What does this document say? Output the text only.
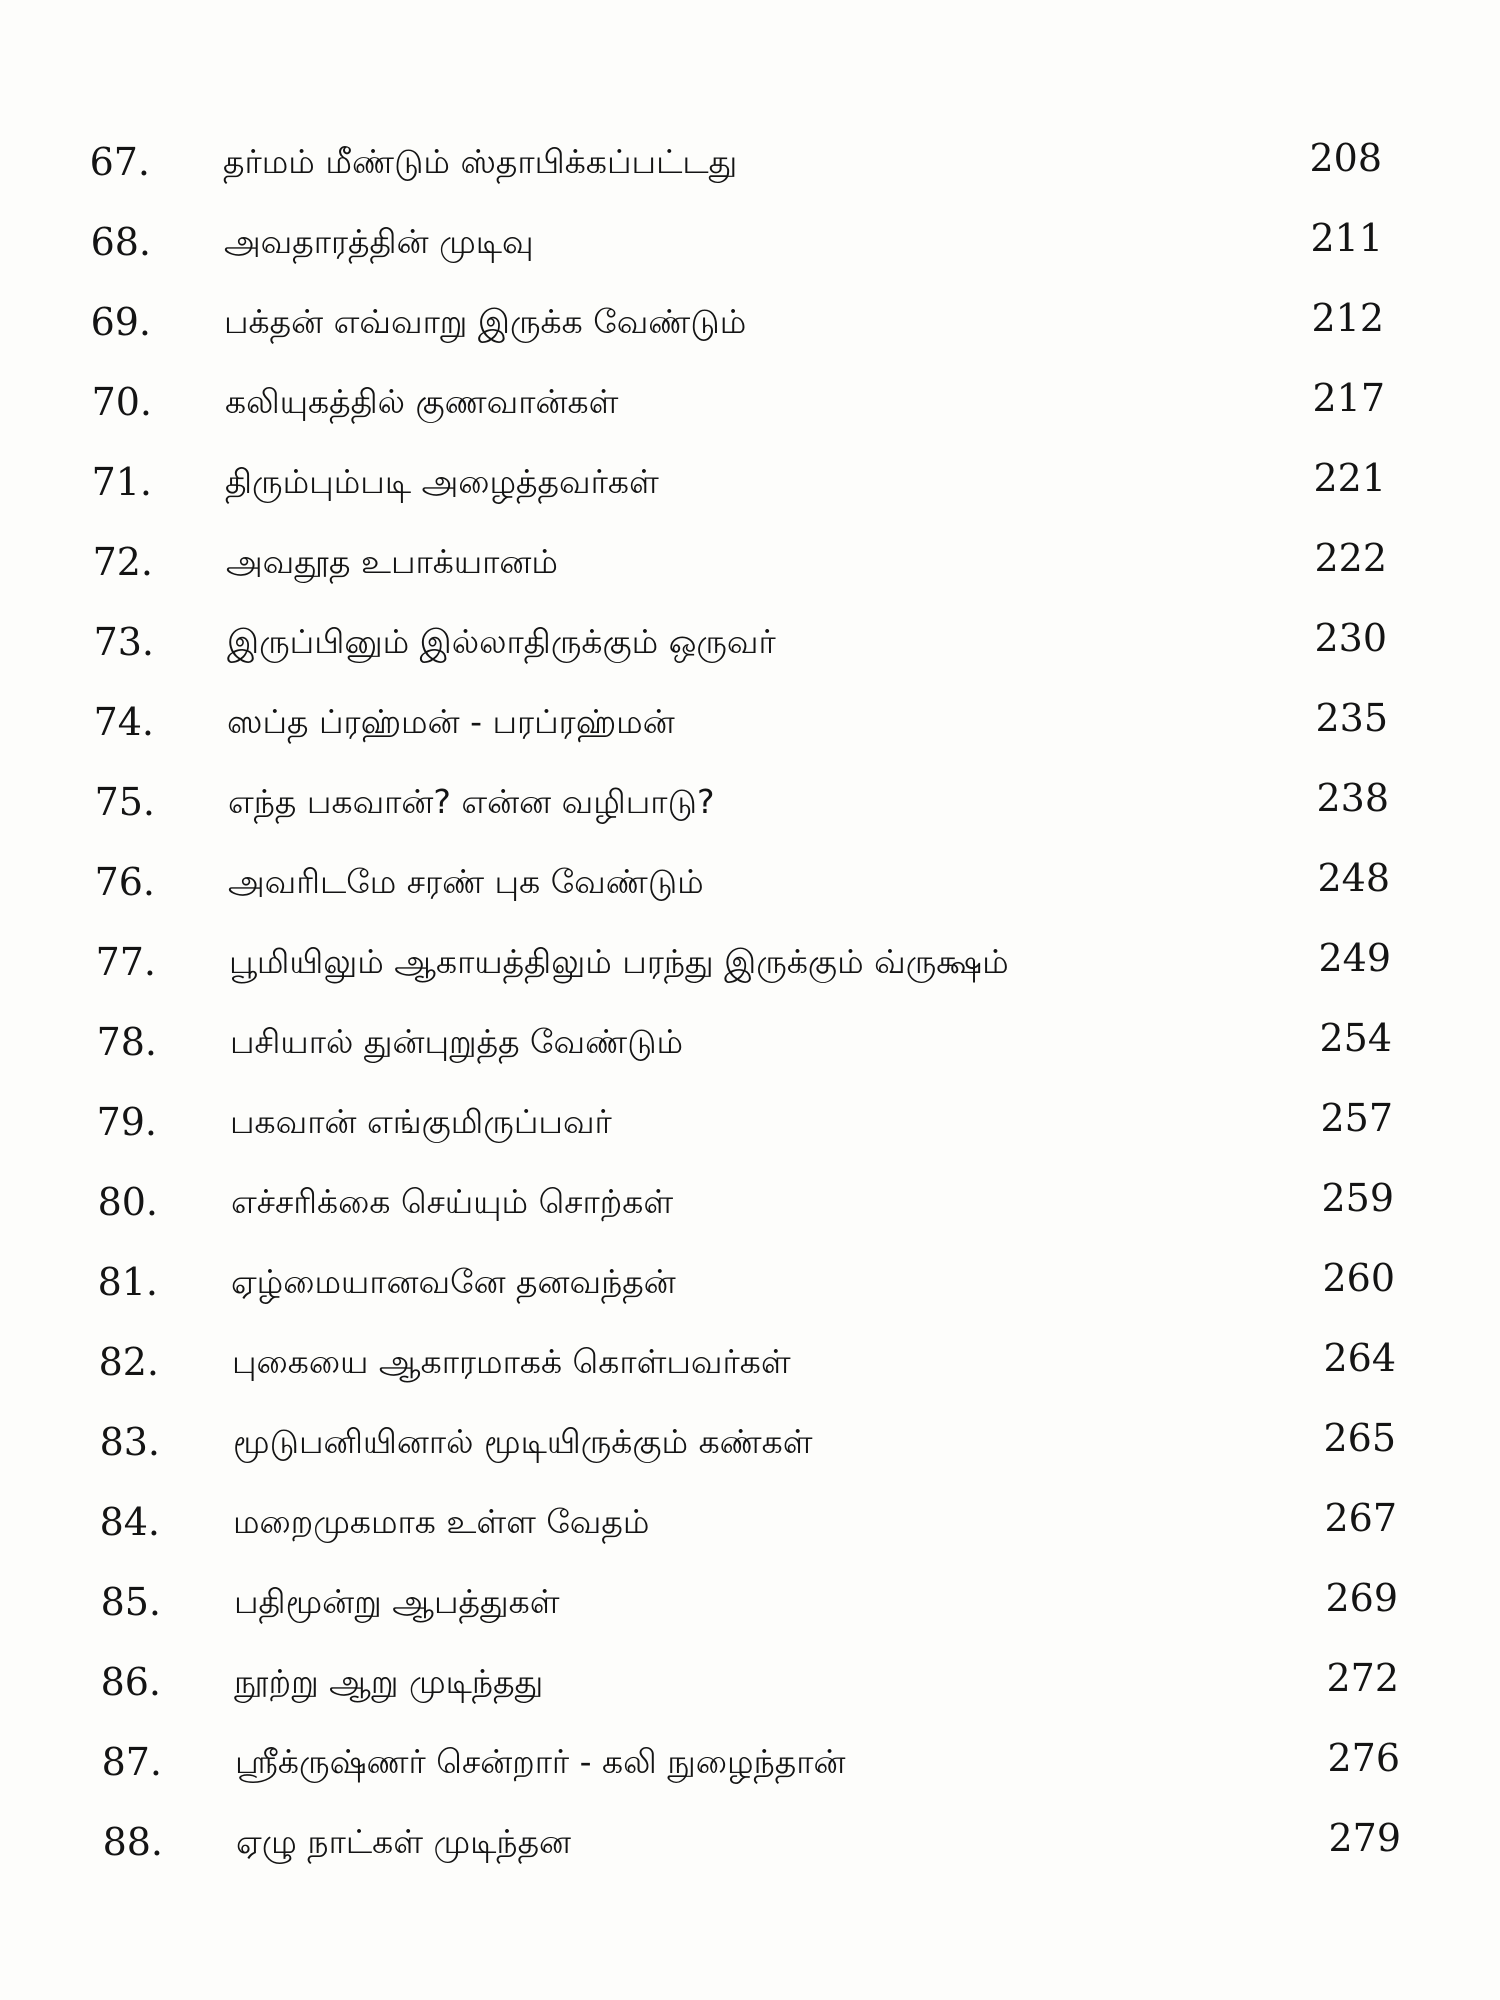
67. தர்மம் மீண்டும் ஸ்தாபிக்கப்பட்டது	208
68. அவதாரத்தின் முடிவு	211
69. பக்தன் எவ்வாறு இருக்க வேண்டும்	212
70. கலியுகத்தில் குணவான்கள்	217
71. திரும்பும்படி அழைத்தவர்கள்	221
72. அவதூத உபாக்யானம்	222
73. இருப்பினும் இல்லாதிருக்கும் ஒருவர்	230
74. ஸப்த ப்ரஹ்மன் - பரப்ரஹ்மன்	235
75. எந்த பகவான்? என்ன வழிபாடு?	238
76. அவரிடமே சரண் புக வேண்டும்	248
77. பூமியிலும் ஆகாயத்திலும் பரந்து இருக்கும் வ்ருக்ஷம்	249
78. பசியால் துன்புறுத்த வேண்டும்	254
79. பகவான் எங்குமிருப்பவர்	257
80. எச்சரிக்கை செய்யும் சொற்கள்	259
81. ஏழ்மையானவனே தனவந்தன்	260
82. புகையை ஆகாரமாகக் கொள்பவர்கள்	264
83. மூடுபனியினால் மூடியிருக்கும் கண்கள்	265
84. மறைமுகமாக உள்ள வேதம்	267
85. பதிமூன்று ஆபத்துகள்	269
86. நூற்று ஆறு முடிந்தது	272
87. ஸ்ரீக்ருஷ்ணர் சென்றார் - கலி நுழைந்தான்	276
88. ஏழு நாட்கள் முடிந்தன	279
